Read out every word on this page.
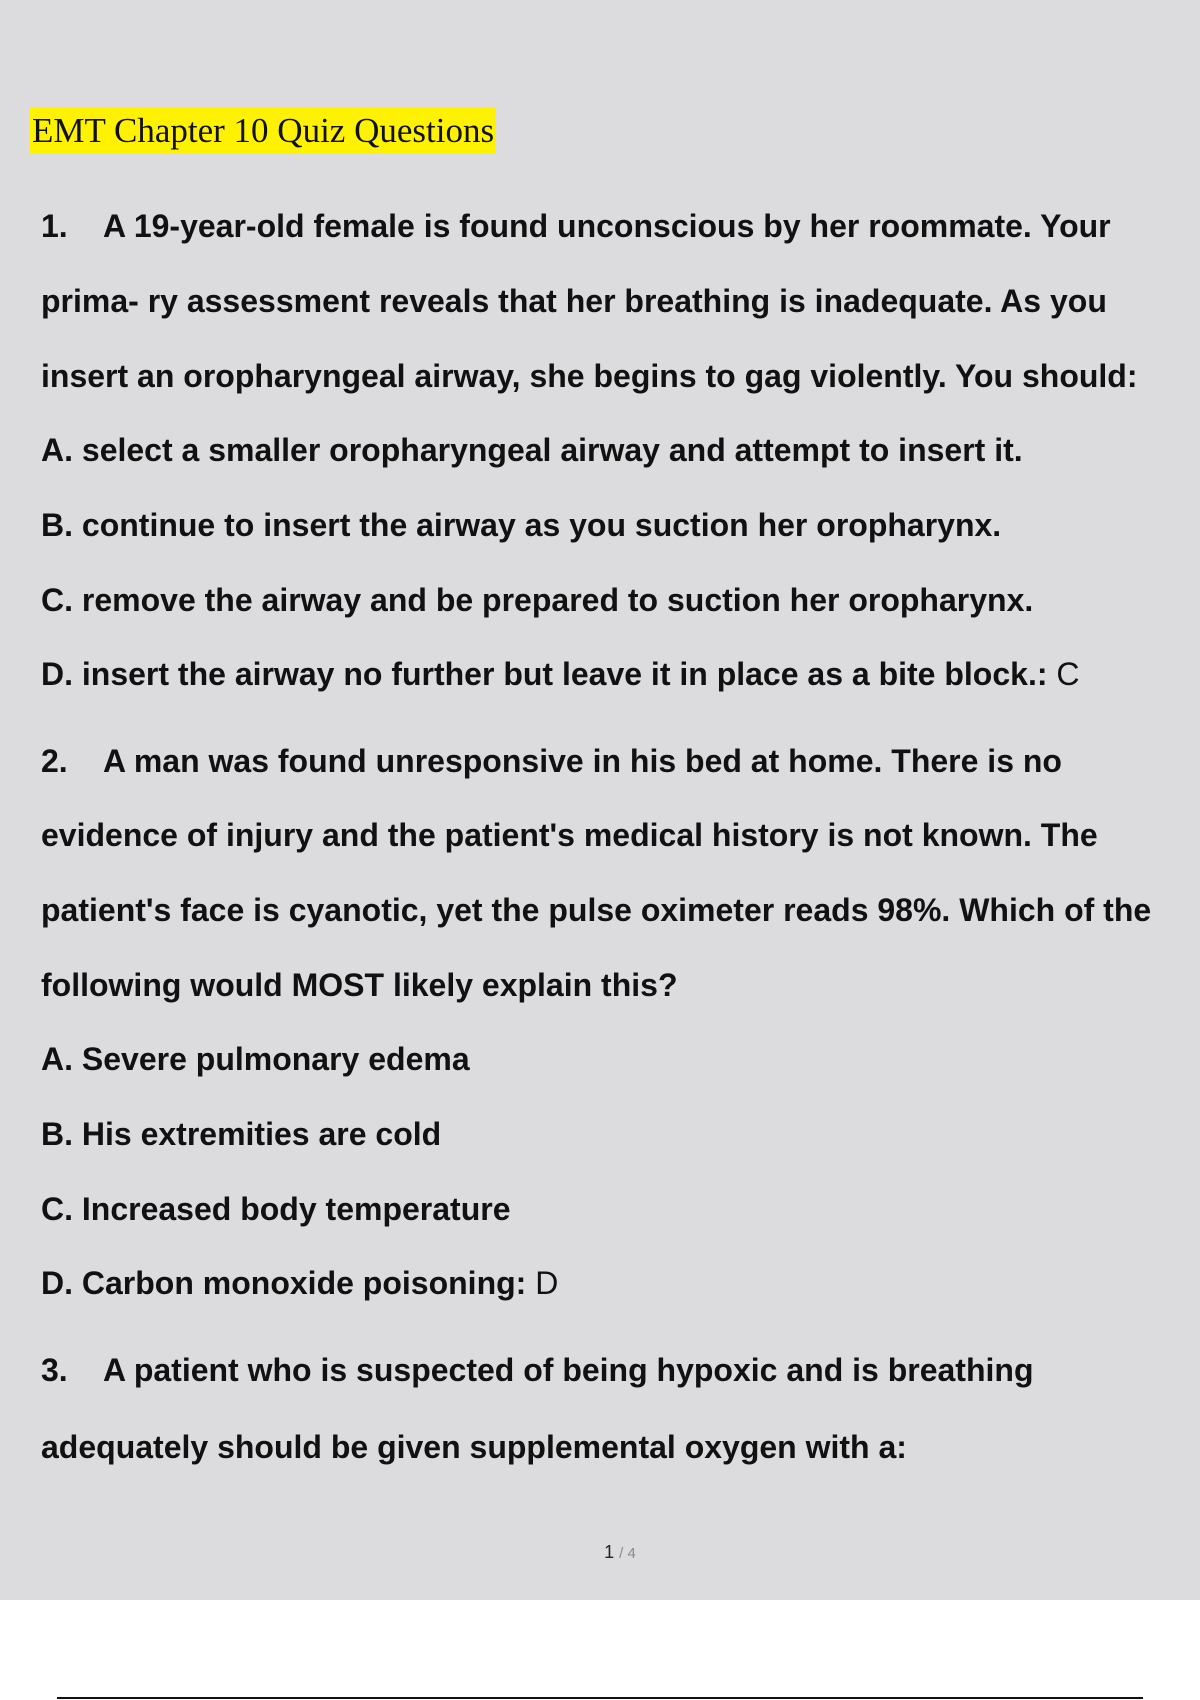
EMT Chapter 10 Quiz Questions
1. A 19-year-old female is found unconscious by her roommate. Your
prima- ry assessment reveals that her breathing is inadequate. As you
insert an oropharyngeal airway, she begins to gag violently. You should:
A. select a smaller oropharyngeal airway and attempt to insert it.
B. continue to insert the airway as you suction her oropharynx.
C. remove the airway and be prepared to suction her oropharynx.
D. insert the airway no further but leave it in place as a bite block.: C
2. A man was found unresponsive in his bed at home. There is no
evidence of injury and the patient's medical history is not known. The
patient's face is cyanotic, yet the pulse oximeter reads 98%. Which of the
following would MOST likely explain this?
A. Severe pulmonary edema
B. His extremities are cold
C. Increased body temperature
D. Carbon monoxide poisoning: D
3. A patient who is suspected of being hypoxic and is breathing
adequately should be given supplemental oxygen with a:
1 / 4
